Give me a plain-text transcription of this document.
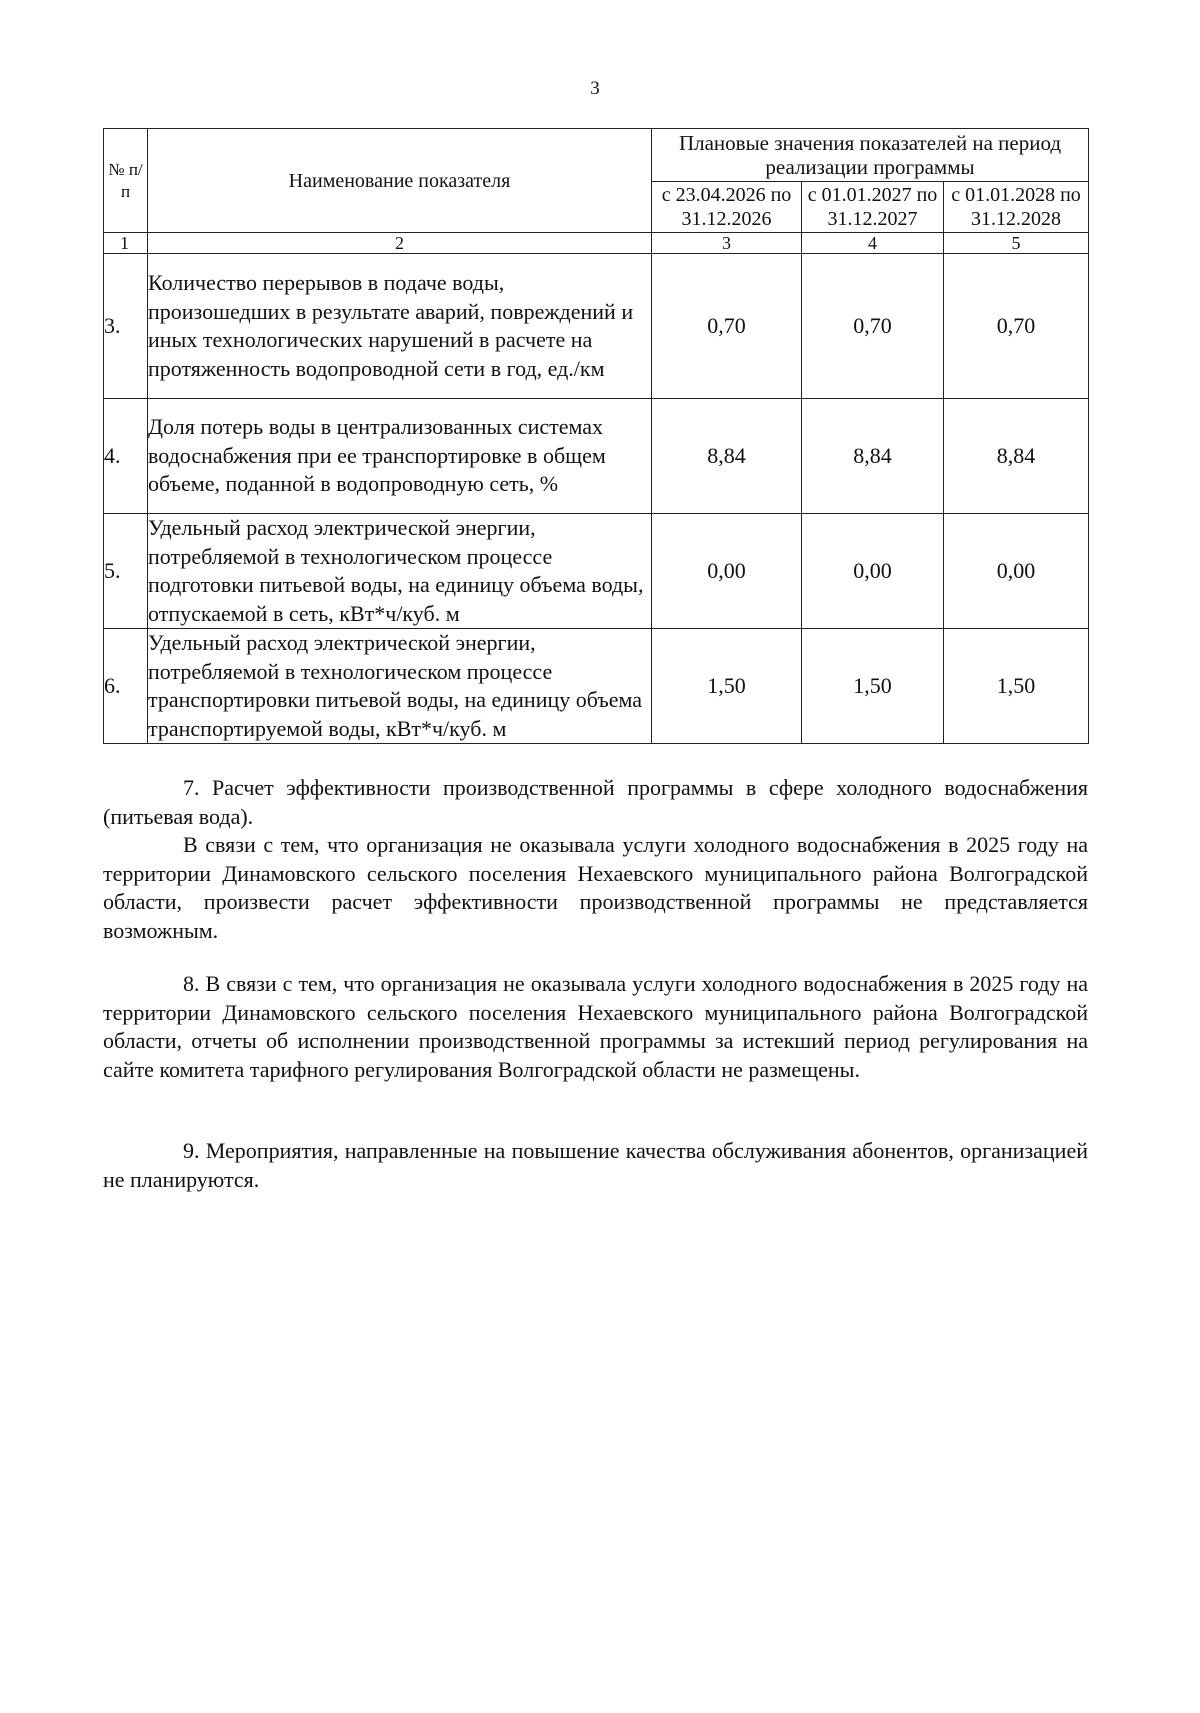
3
№ п/п	Наименование показателя	Плановые значения показателей на период реализации программы		
		с 23.04.2026 по 31.12.2026	с 01.01.2027 по 31.12.2027	с 01.01.2028 по 31.12.2028
1	2	3	4	5
3.	Количество перерывов в подаче воды, произошедших в результате аварий, повреждений и иных технологических нарушений в расчете на протяженность водопроводной сети в год, ед./км	0,70	0,70	0,70
4.	Доля потерь воды в централизованных системах водоснабжения при ее транспортировке в общем объеме, поданной в водопроводную сеть, %	8,84	8,84	8,84
5.	Удельный расход электрической энергии, потребляемой в технологическом процессе подготовки питьевой воды, на единицу объема воды, отпускаемой в сеть, кВт*ч/куб. м	0,00	0,00	0,00
6.	Удельный расход электрической энергии, потребляемой в технологическом процессе транспортировки питьевой воды, на единицу объема транспортируемой воды, кВт*ч/куб. м	1,50	1,50	1,50

7. Расчет эффективности производственной программы в сфере холодного водоснабжения (питьевая вода).

В связи с тем, что организация не оказывала услуги холодного водоснабжения в 2025 году на территории Динамовского сельского поселения Нехаевского муниципального района Волгоградской области, произвести расчет эффективности производственной программы не представляется возможным.

8. В связи с тем, что организация не оказывала услуги холодного водоснабжения в 2025 году на территории Динамовского сельского поселения Нехаевского муниципального района Волгоградской области, отчеты об исполнении производственной программы за истекший период регулирования на сайте комитета тарифного регулирования Волгоградской области не размещены.

9. Мероприятия, направленные на повышение качества обслуживания абонентов, организацией не планируются.
